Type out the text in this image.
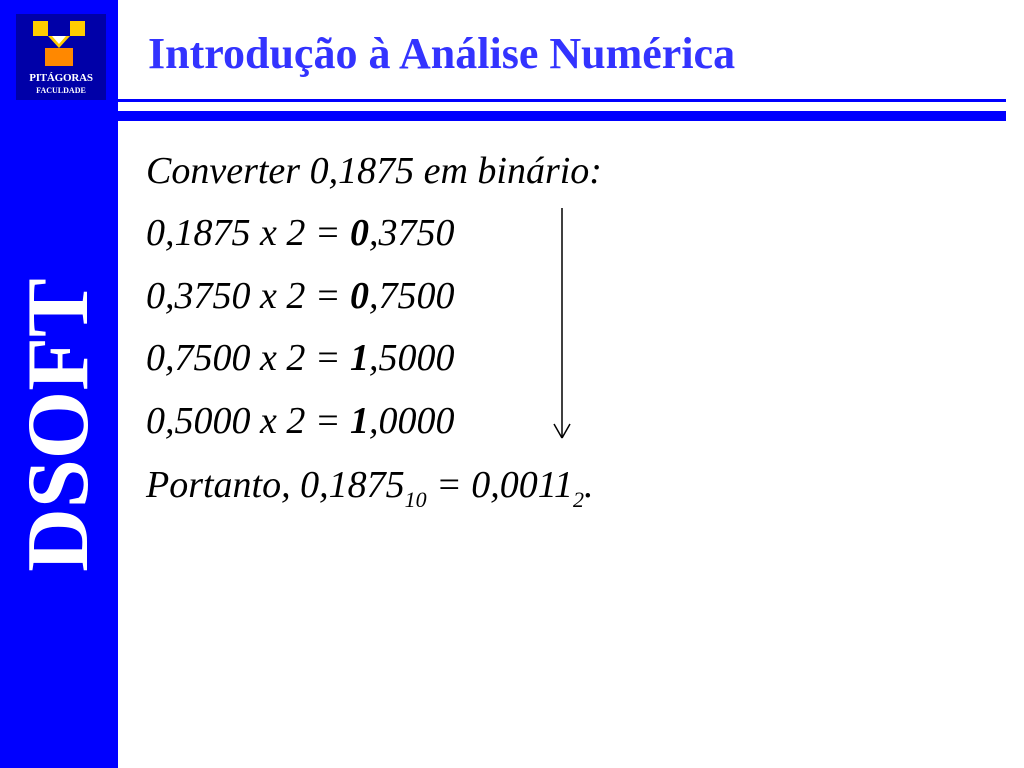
PITÁGORAS
FACULDADE
DSOFT
Introdução à Análise Numérica
Converter 0,1875 em binário:
0,1875 x 2 = 0,3750
0,3750 x 2 = 0,7500
0,7500 x 2 = 1,5000
0,5000 x 2 = 1,0000
Portanto, $0,1875_{10} = 0,0011_2$.
